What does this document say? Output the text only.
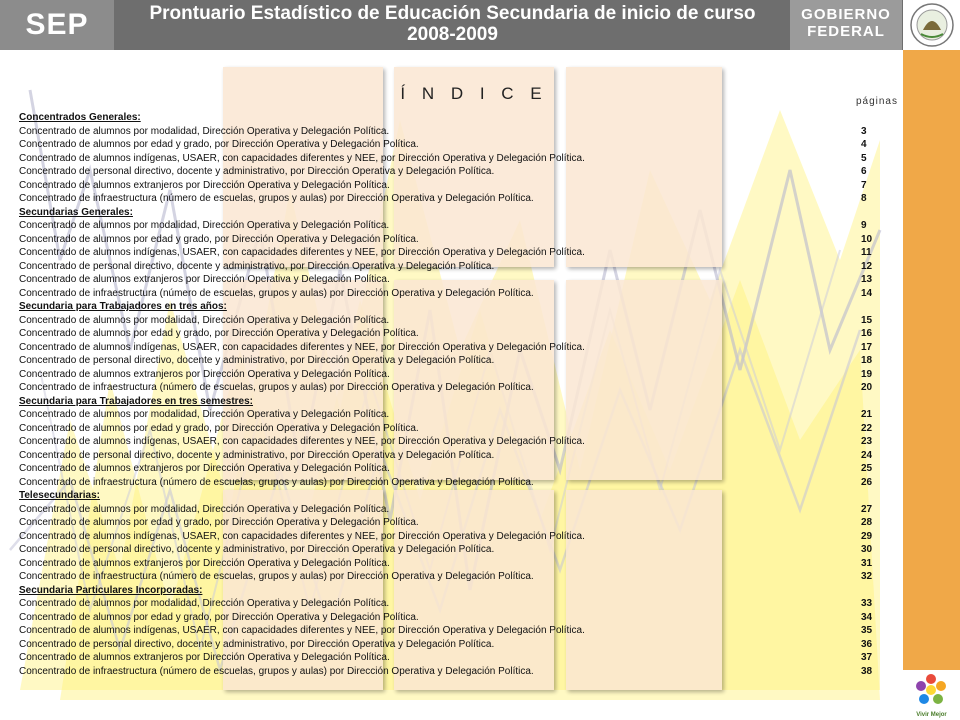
SEP	Prontuario Estadístico de Educación Secundaria de inicio de curso
2008-2009
GOBIERNO
FEDERAL
Vivir Mejor
Í N D I C E	páginas
Concentrados Generales:
Concentrado de alumnos por modalidad, Dirección Operativa y Delegación Política.	3
Concentrado de alumnos por edad y grado, por Dirección Operativa y Delegación Política.	4
Concentrado de alumnos indígenas, USAER, con capacidades diferentes y NEE, por Dirección Operativa y Delegación Política.	5
Concentrado de personal directivo, docente y administrativo, por Dirección Operativa y Delegación Política.	6
Concentrado de alumnos extranjeros por Dirección Operativa y Delegación Política.	7
Concentrado de infraestructura (número de escuelas, grupos y aulas) por Dirección Operativa y Delegación Política.	8
Secundarias Generales:
Concentrado de alumnos por modalidad, Dirección Operativa y Delegación Política.	9
Concentrado de alumnos por edad y grado, por Dirección Operativa y Delegación Política.	10
Concentrado de alumnos indígenas, USAER, con capacidades diferentes y NEE, por Dirección Operativa y Delegación Política.	11
Concentrado de personal directivo, docente y administrativo, por Dirección Operativa y Delegación Política.	12
Concentrado de alumnos extranjeros por Dirección Operativa y Delegación Política.	13
Concentrado de infraestructura (número de escuelas, grupos y aulas) por Dirección Operativa y Delegación Política.	14
Secundaria para Trabajadores en tres años:
Concentrado de alumnos por modalidad, Dirección Operativa y Delegación Política.	15
Concentrado de alumnos por edad y grado, por Dirección Operativa y Delegación Política.	16
Concentrado de alumnos indígenas, USAER, con capacidades diferentes y NEE, por Dirección Operativa y Delegación Política.	17
Concentrado de personal directivo, docente y administrativo, por Dirección Operativa y Delegación Política.	18
Concentrado de alumnos extranjeros por Dirección Operativa y Delegación Política.	19
Concentrado de infraestructura (número de escuelas, grupos y aulas) por Dirección Operativa y Delegación Política.	20
Secundaria para Trabajadores en tres semestres:
Concentrado de alumnos por modalidad, Dirección Operativa y Delegación Política.	21
Concentrado de alumnos por edad y grado, por Dirección Operativa y Delegación Política.	22
Concentrado de alumnos indígenas, USAER, con capacidades diferentes y NEE, por Dirección Operativa y Delegación Política.	23
Concentrado de personal directivo, docente y administrativo, por Dirección Operativa y Delegación Política.	24
Concentrado de alumnos extranjeros por Dirección Operativa y Delegación Política.	25
Concentrado de infraestructura (número de escuelas, grupos y aulas) por Dirección Operativa y Delegación Política.	26
Telesecundarias:
Concentrado de alumnos por modalidad, Dirección Operativa y Delegación Política.	27
Concentrado de alumnos por edad y grado, por Dirección Operativa y Delegación Política.	28
Concentrado de alumnos indígenas, USAER, con capacidades diferentes y NEE, por Dirección Operativa y Delegación Política.	29
Concentrado de personal directivo, docente y administrativo, por Dirección Operativa y Delegación Política.	30
Concentrado de alumnos extranjeros por Dirección Operativa y Delegación Política.	31
Concentrado de infraestructura (número de escuelas, grupos y aulas) por Dirección Operativa y Delegación Política.	32
Secundaria Particulares Incorporadas:
Concentrado de alumnos por modalidad, Dirección Operativa y Delegación Política.	33
Concentrado de alumnos por edad y grado, por Dirección Operativa y Delegación Política.	34
Concentrado de alumnos indígenas, USAER, con capacidades diferentes y NEE, por Dirección Operativa y Delegación Política.	35
Concentrado de personal directivo, docente y administrativo, por Dirección Operativa y Delegación Política.	36
Concentrado de alumnos extranjeros por Dirección Operativa y Delegación Política.	37
Concentrado de infraestructura (número de escuelas, grupos y aulas) por Dirección Operativa y Delegación Política.	38
